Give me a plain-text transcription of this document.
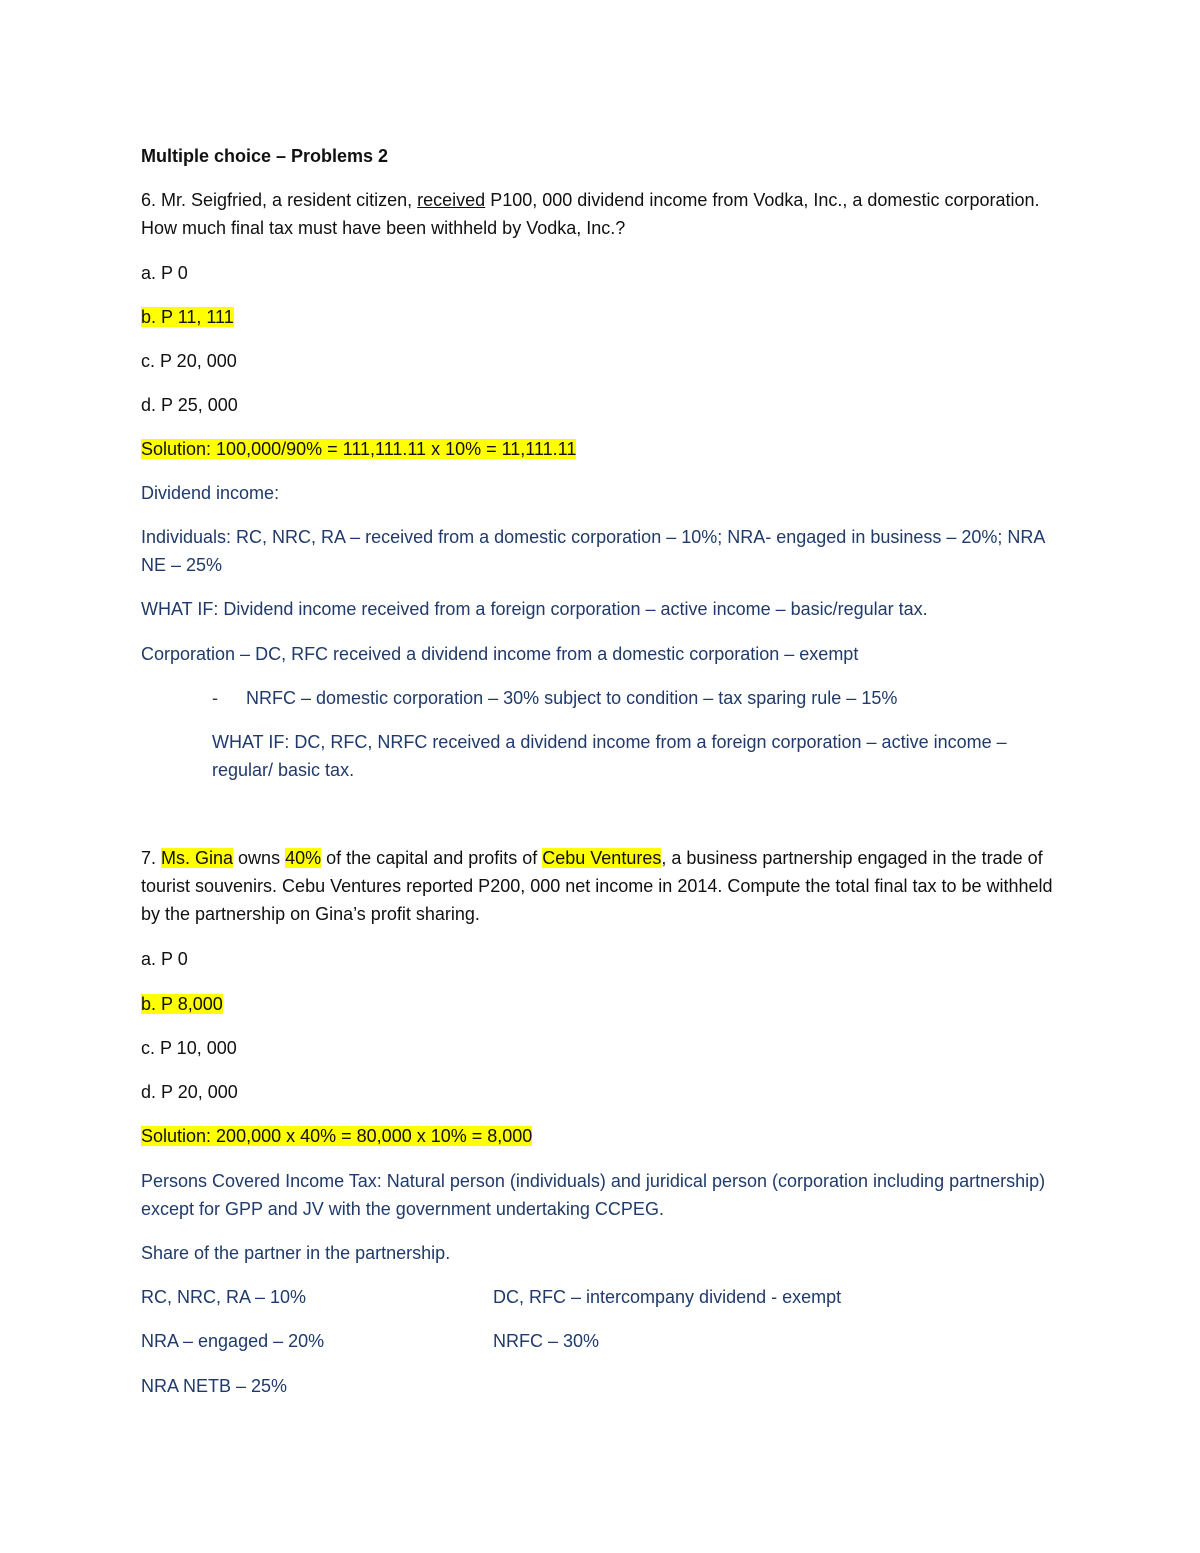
Multiple choice – Problems 2

6. Mr. Seigfried, a resident citizen, received P100, 000 dividend income from Vodka, Inc., a domestic corporation. How much final tax must have been withheld by Vodka, Inc.?

a. P 0

b. P 11, 111

c. P 20, 000

d. P 25, 000

Solution: 100,000/90% = 111,111.11 x 10% = 11,111.11

Dividend income:

Individuals: RC, NRC, RA – received from a domestic corporation – 10%; NRA- engaged in business – 20%; NRA NE – 25%

WHAT IF: Dividend income received from a foreign corporation – active income – basic/regular tax.

Corporation – DC, RFC received a dividend income from a domestic corporation – exempt

-	NRFC – domestic corporation – 30% subject to condition – tax sparing rule – 15%

WHAT IF: DC, RFC, NRFC received a dividend income from a foreign corporation – active income – regular/ basic tax.

7. Ms. Gina owns 40% of the capital and profits of Cebu Ventures, a business partnership engaged in the trade of tourist souvenirs. Cebu Ventures reported P200, 000 net income in 2014. Compute the total final tax to be withheld by the partnership on Gina’s profit sharing.

a. P 0

b. P 8,000

c. P 10, 000

d. P 20, 000

Solution: 200,000 x 40% = 80,000 x 10% = 8,000

Persons Covered Income Tax: Natural person (individuals) and juridical person (corporation including partnership) except for GPP and JV with the government undertaking CCPEG.

Share of the partner in the partnership.

RC, NRC, RA – 10%	DC, RFC – intercompany dividend - exempt

NRA – engaged – 20%	NRFC – 30%

NRA NETB – 25%
